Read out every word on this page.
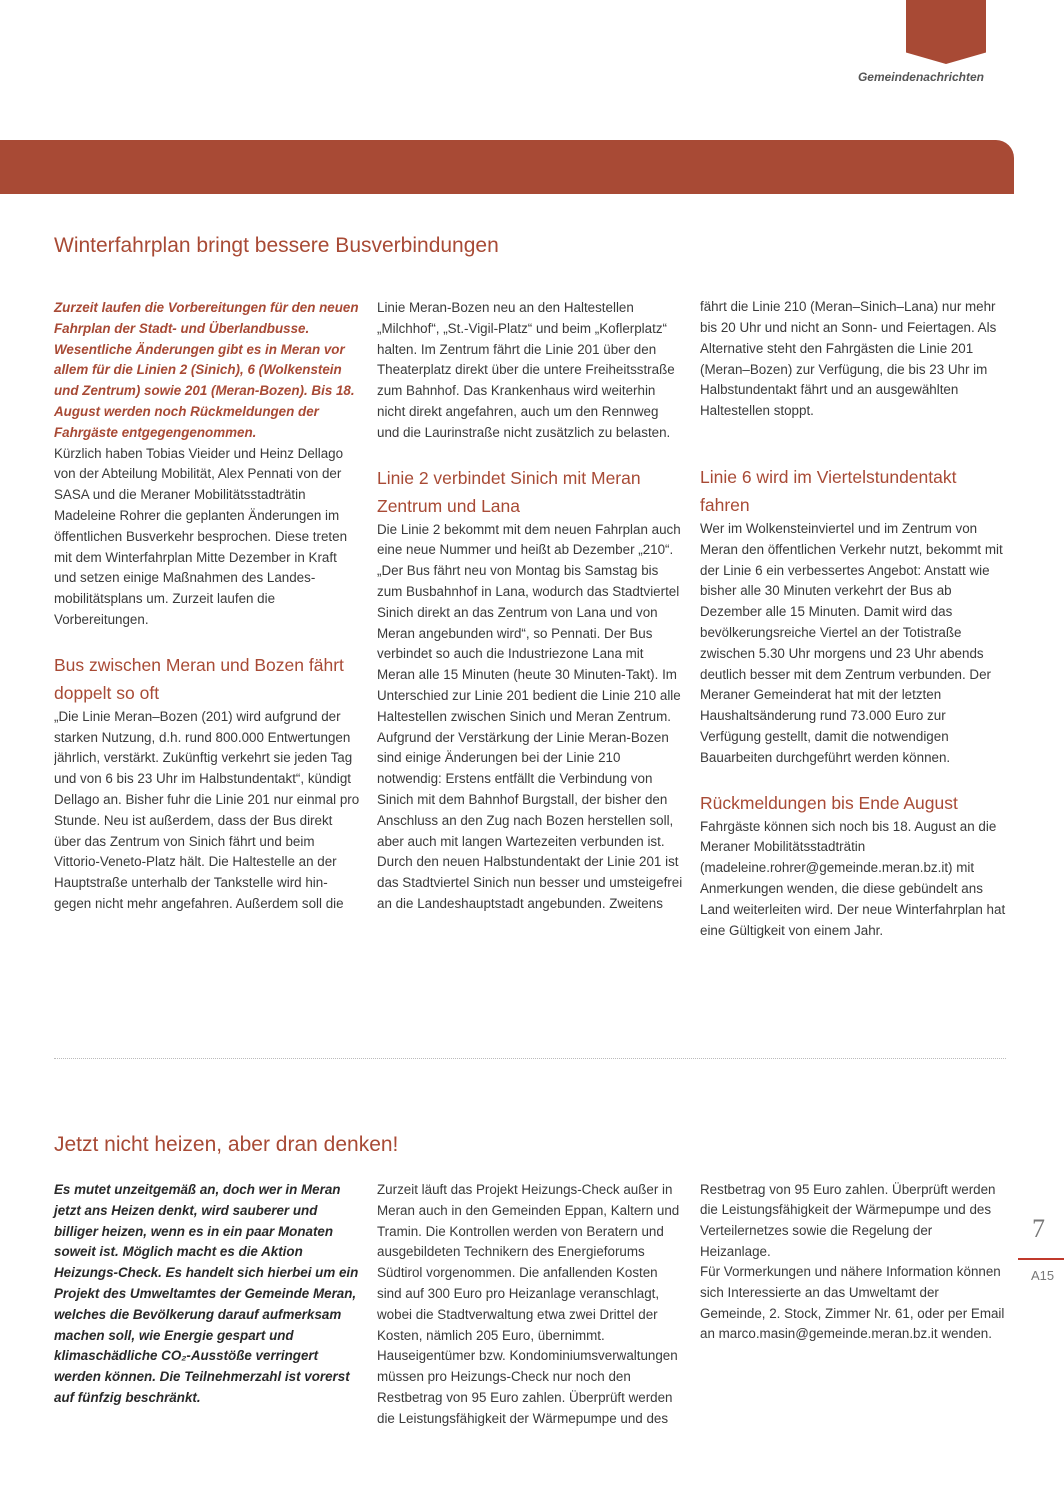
Gemeindenachrichten
Winterfahrplan bringt bessere Busverbindungen

Zurzeit laufen die Vorbereitungen für den neuen Fahrplan der Stadt- und Überlandbusse. Wesentliche Änderungen gibt es in Meran vor allem für die Linien 2 (Sinich), 6 (Wolkenstein und Zentrum) sowie 201 (Meran-Bozen). Bis 18. August werden noch Rückmeldungen der Fahrgäste entgegengenommen.

Kürzlich haben Tobias Vieider und Heinz Dellago von der Abteilung Mobilität, Alex Pennati von der SASA und die Meraner Mobilitätsstadträtin Madeleine Rohrer die geplanten Änderungen im öffentlichen Busverkehr besprochen. Diese treten mit dem Winterfahrplan Mitte Dezember in Kraft und setzen einige Maßnahmen des Landesmobilitätsplans um. Zurzeit laufen die Vorbereitungen.

Bus zwischen Meran und Bozen fährt doppelt so oft

„Die Linie Meran–Bozen (201) wird aufgrund der starken Nutzung, d.h. rund 800.000 Entwertungen jährlich, verstärkt. Zukünftig verkehrt sie jeden Tag und von 6 bis 23 Uhr im Halbstundentakt“, kündigt Dellago an. Bisher fuhr die Linie 201 nur einmal pro Stunde. Neu ist außerdem, dass der Bus direkt über das Zentrum von Sinich fährt und beim Vittorio-Veneto-Platz hält. Die Haltestelle an der Hauptstraße unterhalb der Tankstelle wird hingegen nicht mehr angefahren. Außerdem soll die

Linie Meran-Bozen neu an den Haltestellen „Milchhof“, „St.-Vigil-Platz“ und beim „Koflerplatz“ halten. Im Zentrum fährt die Linie 201 über den Theaterplatz direkt über die untere Freiheitsstraße zum Bahnhof. Das Krankenhaus wird weiterhin nicht direkt angefahren, auch um den Rennweg und die Laurinstraße nicht zusätzlich zu belasten.

Linie 2 verbindet Sinich mit Meran Zentrum und Lana

Die Linie 2 bekommt mit dem neuen Fahrplan auch eine neue Nummer und heißt ab Dezember „210“. „Der Bus fährt neu von Montag bis Samstag bis zum Busbahnhof in Lana, wodurch das Stadtviertel Sinich direkt an das Zentrum von Lana und von Meran angebunden wird“, so Pennati. Der Bus verbindet so auch die Industriezone Lana mit Meran alle 15 Minuten (heute 30 Minuten-Takt). Im Unterschied zur Linie 201 bedient die Linie 210 alle Haltestellen zwischen Sinich und Meran Zentrum.

Aufgrund der Verstärkung der Linie Meran-Bozen sind einige Änderungen bei der Linie 210 notwendig: Erstens entfällt die Verbindung von Sinich mit dem Bahnhof Burgstall, der bisher den Anschluss an den Zug nach Bozen herstellen soll, aber auch mit langen Wartezeiten verbunden ist. Durch den neuen Halbstundentakt der Linie 201 ist das Stadtviertel Sinich nun besser und umsteigefrei an die Landeshauptstadt angebunden. Zweitens

fährt die Linie 210 (Meran–Sinich–Lana) nur mehr bis 20 Uhr und nicht an Sonn- und Feiertagen. Als Alternative steht den Fahrgästen die Linie 201 (Meran–Bozen) zur Verfügung, die bis 23 Uhr im Halbstundentakt fährt und an ausgewählten Haltestellen stoppt.

Linie 6 wird im Viertelstundentakt fahren

Wer im Wolkensteinviertel und im Zentrum von Meran den öffentlichen Verkehr nutzt, bekommt mit der Linie 6 ein verbessertes Angebot: Anstatt wie bisher alle 30 Minuten verkehrt der Bus ab Dezember alle 15 Minuten. Damit wird das bevölkerungsreiche Viertel an der Totistraße zwischen 5.30 Uhr morgens und 23 Uhr abends deutlich besser mit dem Zentrum verbunden. Der Meraner Gemeinderat hat mit der letzten Haushaltsänderung rund 73.000 Euro zur Verfügung gestellt, damit die notwendigen Bauarbeiten durchgeführt werden können.

Rückmeldungen bis Ende August

Fahrgäste können sich noch bis 18. August an die Meraner Mobilitätsstadträtin (madeleine.rohrer@gemeinde.meran.bz.it) mit Anmerkungen wenden, die diese gebündelt ans Land weiterleiten wird. Der neue Winterfahrplan hat eine Gültigkeit von einem Jahr.

Jetzt nicht heizen, aber dran denken!

Es mutet unzeitgemäß an, doch wer in Meran jetzt ans Heizen denkt, wird sauberer und billiger heizen, wenn es in ein paar Monaten soweit ist. Möglich macht es die Aktion Heizungs-Check. Es handelt sich hierbei um ein Projekt des Umweltamtes der Gemeinde Meran, welches die Bevölkerung darauf aufmerksam machen soll, wie Energie gespart und klimaschädliche CO₂-Ausstöße verringert werden können. Die Teilnehmerzahl ist vorerst auf fünfzig beschränkt.

Zurzeit läuft das Projekt Heizungs-Check außer in Meran auch in den Gemeinden Eppan, Kaltern und Tramin. Die Kontrollen werden von Beratern und ausgebildeten Technikern des Energieforums Südtirol vorgenommen. Die anfallenden Kosten sind auf 300 Euro pro Heizanlage veranschlagt, wobei die Stadtverwaltung etwa zwei Drittel der Kosten, nämlich 205 Euro, übernimmt.

Hauseigentümer bzw. Kondominiumsverwaltungen müssen pro Heizungs-Check nur noch den Restbetrag von 95 Euro zahlen. Überprüft werden die Leistungsfähigkeit der Wärmepumpe und des

Restbetrag von 95 Euro zahlen. Überprüft werden die Leistungsfähigkeit der Wärmepumpe und des Verteilernetzes sowie die Regelung der Heizanlage.

Für Vormerkungen und nähere Information können sich Interessierte an das Umweltamt der Gemeinde, 2. Stock, Zimmer Nr. 61, oder per Email an marco.masin@gemeinde.meran.bz.it wenden.

7
A15
